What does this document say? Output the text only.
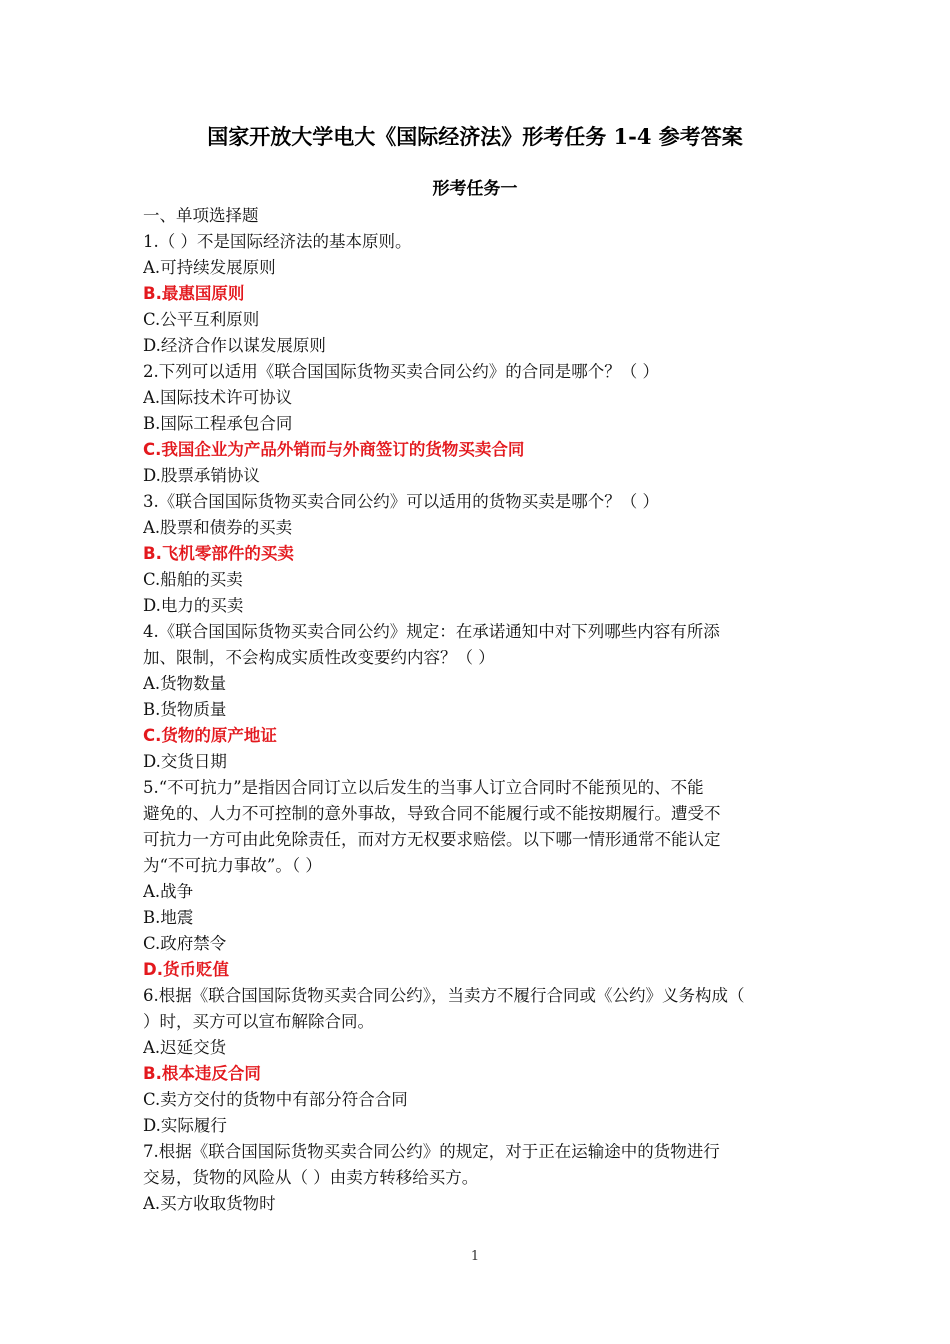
国家开放大学电大《国际经济法》形考任务 1-4 参考答案
形考任务一
一、单项选择题
1.（ ）不是国际经济法的基本原则。
A.可持续发展原则
B.最惠国原则
C.公平互利原则
D.经济合作以谋发展原则
2.下列可以适用《联合国国际货物买卖合同公约》的合同是哪个？（ ）
A.国际技术许可协议
B.国际工程承包合同
C.我国企业为产品外销而与外商签订的货物买卖合同
D.股票承销协议
3.《联合国国际货物买卖合同公约》可以适用的货物买卖是哪个？（ ）
A.股票和债券的买卖
B.飞机零部件的买卖
C.船舶的买卖
D.电力的买卖
4.《联合国国际货物买卖合同公约》规定：在承诺通知中对下列哪些内容有所添
加、限制，不会构成实质性改变要约内容？（ ）
A.货物数量
B.货物质量
C.货物的原产地证
D.交货日期
5.“不可抗力”是指因合同订立以后发生的当事人订立合同时不能预见的、不能
避免的、人力不可控制的意外事故，导致合同不能履行或不能按期履行。遭受不
可抗力一方可由此免除责任，而对方无权要求赔偿。以下哪一情形通常不能认定
为“不可抗力事故”。（ ）
A.战争
B.地震
C.政府禁令
D.货币贬值
6.根据《联合国国际货物买卖合同公约》，当卖方不履行合同或《公约》义务构成（
）时，买方可以宣布解除合同。
A.迟延交货
B.根本违反合同
C.卖方交付的货物中有部分符合合同
D.实际履行
7.根据《联合国国际货物买卖合同公约》的规定，对于正在运输途中的货物进行
交易，货物的风险从（ ）由卖方转移给买方。
A.买方收取货物时
1
